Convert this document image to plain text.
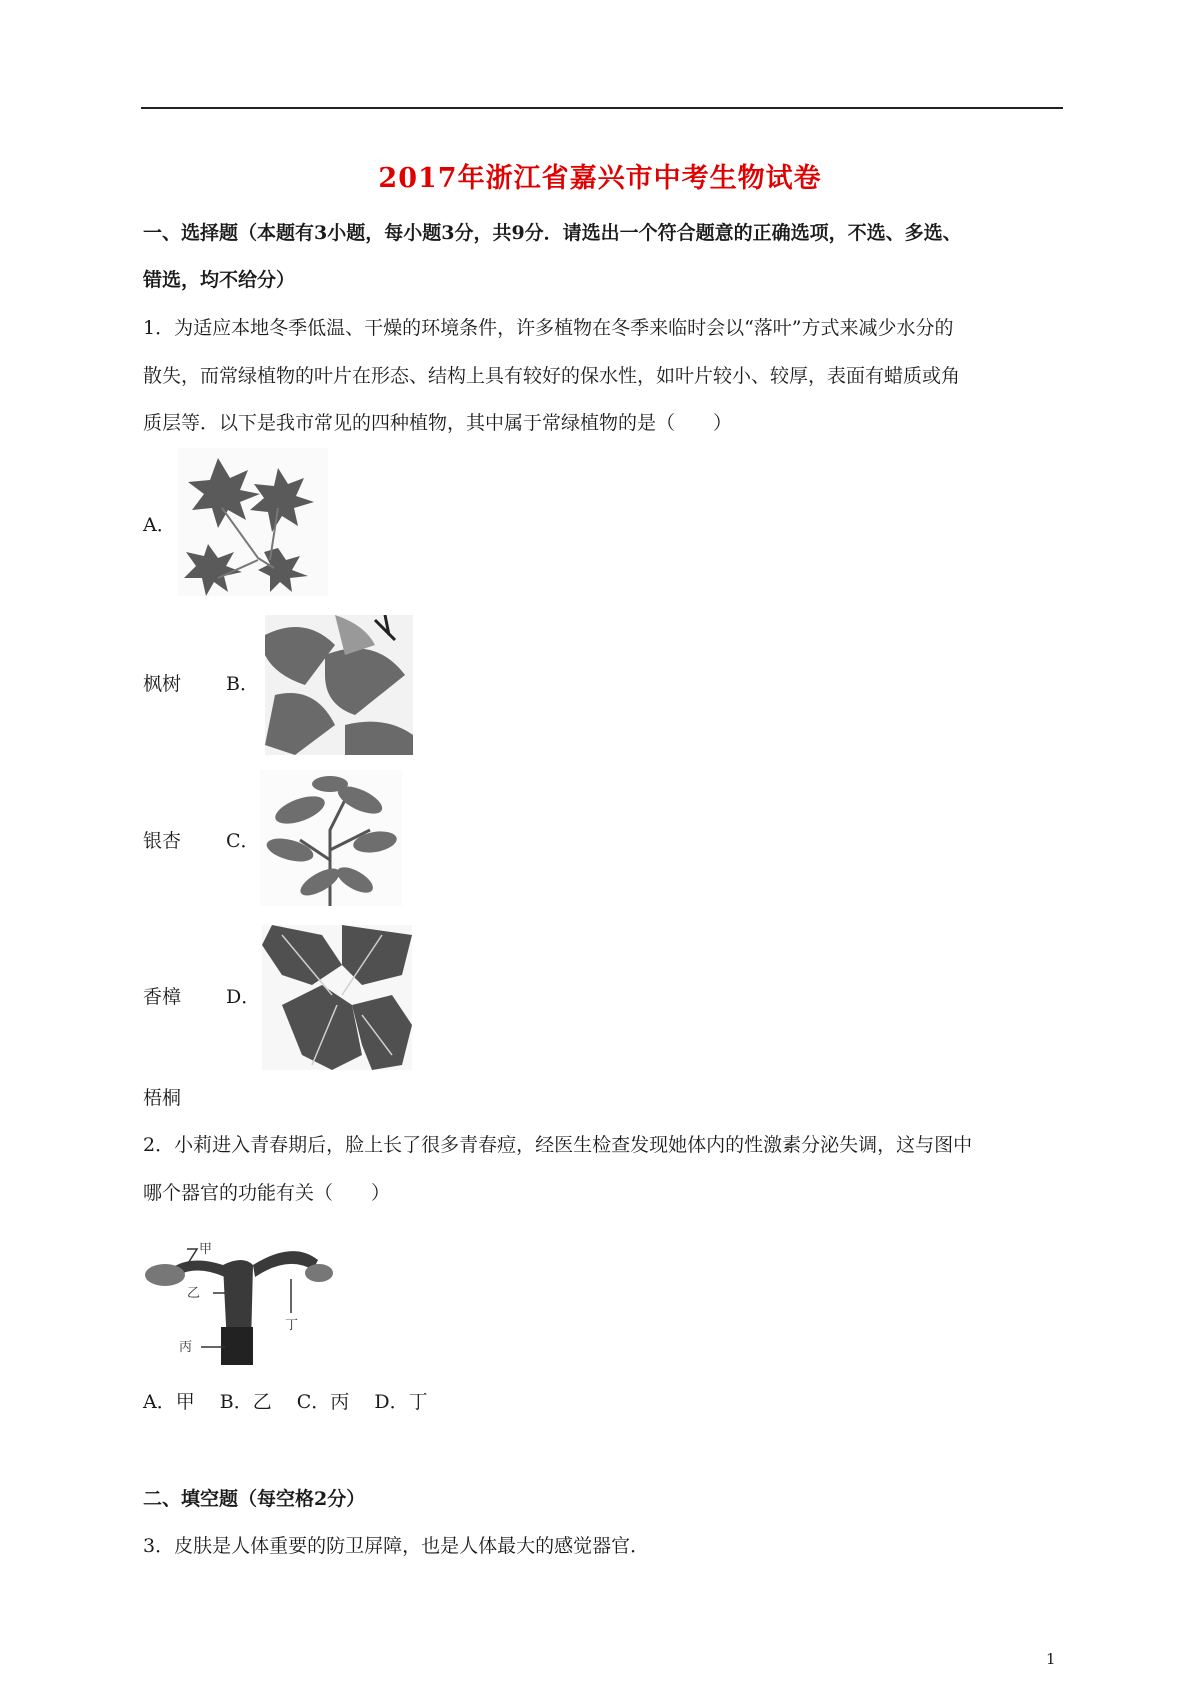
2017年浙江省嘉兴市中考生物试卷
一、选择题（本题有3小题，每小题3分，共9分．请选出一个符合题意的正确选项，不选、多选、
错选，均不给分）
1．为适应本地冬季低温、干燥的环境条件，许多植物在冬季来临时会以“落叶”方式来减少水分的
散失，而常绿植物的叶片在形态、结构上具有较好的保水性，如叶片较小、较厚，表面有蜡质或角
质层等．以下是我市常见的四种植物，其中属于常绿植物的是（　　）
A．
枫树 B．
银杏 C．
香樟 D．
梧桐
2．小莉进入青春期后，脸上长了很多青春痘，经医生检查发现她体内的性激素分泌失调，这与图中
哪个器官的功能有关（　　）
甲
乙
丁
丙
A．甲　 B．乙　 C．丙　 D．丁
二、填空题（每空格2分）
3．皮肤是人体重要的防卫屏障，也是人体最大的感觉器官．
1
